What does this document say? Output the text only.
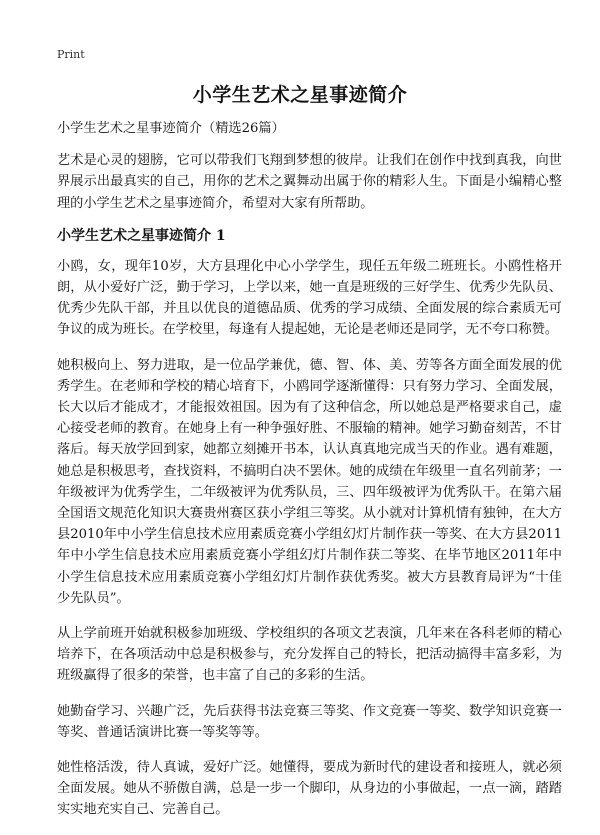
Print
小学生艺术之星事迹简介

小学生艺术之星事迹简介（精选26篇）

艺术是心灵的翅膀，它可以带我们飞翔到梦想的彼岸。让我们在创作中找到真我，向世界展示出最真实的自己，用你的艺术之翼舞动出属于你的精彩人生。下面是小编精心整理的小学生艺术之星事迹简介，希望对大家有所帮助。

小学生艺术之星事迹简介 1

小鸥，女，现年10岁，大方县理化中心小学学生，现任五年级二班班长。小鸥性格开朗，从小爱好广泛，勤于学习，上学以来，她一直是班级的三好学生、优秀少先队员、优秀少先队干部，并且以优良的道德品质、优秀的学习成绩、全面发展的综合素质无可争议的成为班长。在学校里，每逢有人提起她，无论是老师还是同学，无不夸口称赞。

她积极向上、努力进取，是一位品学兼优，德、智、体、美、劳等各方面全面发展的优秀学生。在老师和学校的精心培育下，小鸥同学逐渐懂得：只有努力学习、全面发展，长大以后才能成才，才能报效祖国。因为有了这种信念，所以她总是严格要求自己，虚心接受老师的教育。在她身上有一种争强好胜、不服输的精神。她学习勤奋刻苦，不甘落后。每天放学回到家，她都立刻摊开书本，认认真真地完成当天的作业。遇有难题，她总是积极思考，查找资料，不搞明白决不罢休。她的成绩在年级里一直名列前茅；一年级被评为优秀学生，二年级被评为优秀队员，三、四年级被评为优秀队干。在第六届全国语文规范化知识大赛贵州赛区获小学组三等奖。从小就对计算机情有独钟，在大方县2010年中小学生信息技术应用素质竞赛小学组幻灯片制作获一等奖、在大方县2011年中小学生信息技术应用素质竞赛小学组幻灯片制作获二等奖、在毕节地区2011年中小学生信息技术应用素质竞赛小学组幻灯片制作获优秀奖。被大方县教育局评为“十佳少先队员”。

从上学前班开始就积极参加班级、学校组织的各项文艺表演，几年来在各科老师的精心培养下，在各项活动中总是积极参与，充分发挥自己的特长，把活动搞得丰富多彩，为班级赢得了很多的荣誉，也丰富了自己的多彩的生活。

她勤奋学习、兴趣广泛，先后获得书法竞赛三等奖、作文竞赛一等奖、数学知识竞赛一等奖、普通话演讲比赛一等奖等等。

她性格活泼，待人真诚，爱好广泛。她懂得，要成为新时代的建设者和接班人，就必须全面发展。她从不骄傲自满，总是一步一个脚印，从身边的小事做起，一点一滴，踏踏实实地充实自己、完善自己。
